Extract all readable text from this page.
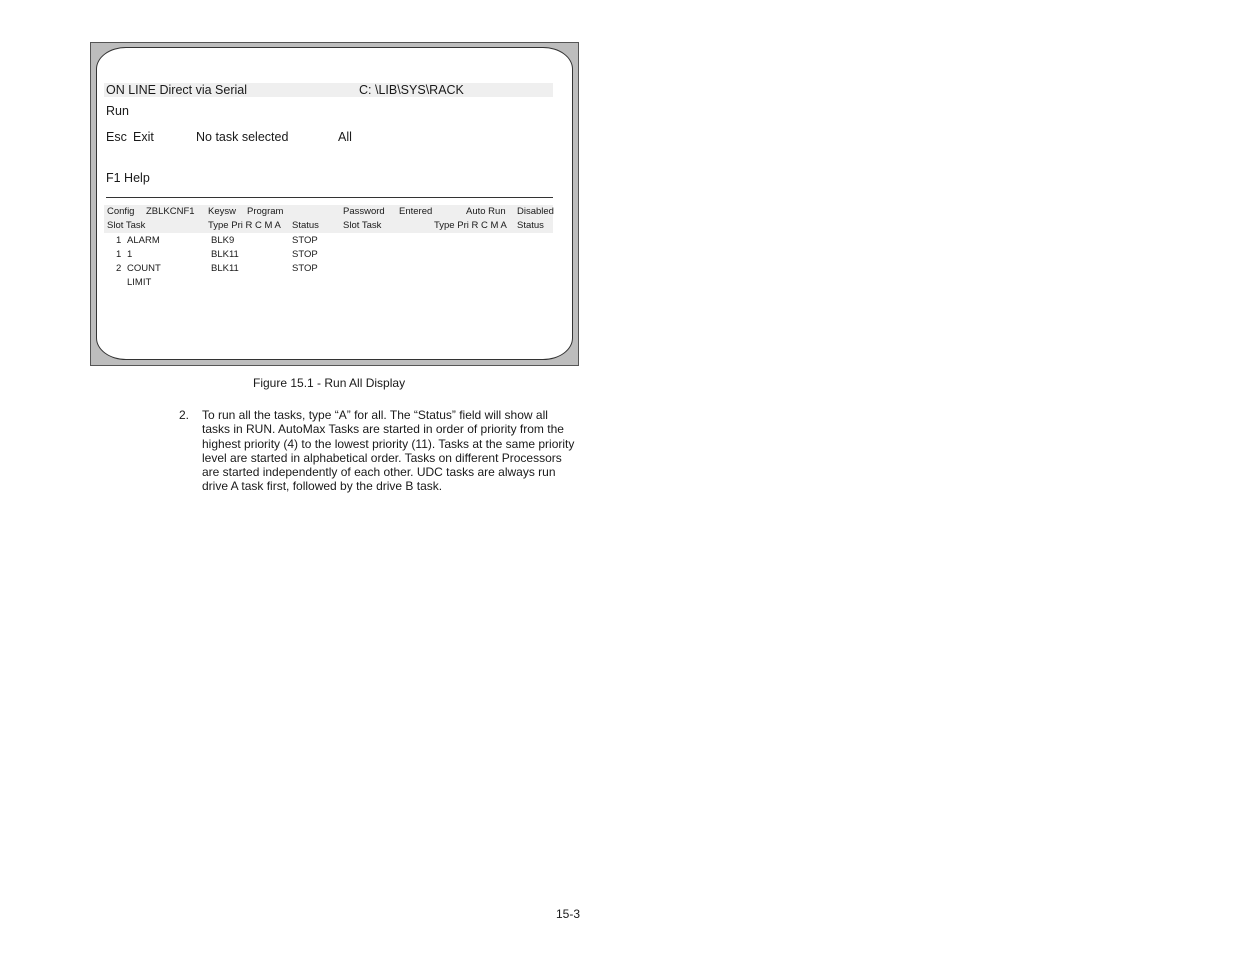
ON LINE Direct via Serial	C: \LIB\SYS\RACK
Run
Esc Exit	No task selected	All
F1 Help
Config ZBLKCNF1 Keysw Program	Password Entered	Auto Run Disabled
Slot Task	Type Pri R C M A Status	Slot Task	Type Pri R C M A Status
1 ALARM	BLK9	STOP
1 1	BLK11	STOP
2 COUNT	BLK11	STOP
LIMIT
Figure 15.1 - Run All Display
2. To run all the tasks, type “A” for all. The “Status” field will show all tasks in RUN. AutoMax Tasks are started in order of priority from the highest priority (4) to the lowest priority (11). Tasks at the same priority level are started in alphabetical order. Tasks on different Processors are started independently of each other. UDC tasks are always run drive A task first, followed by the drive B task.

15-3
